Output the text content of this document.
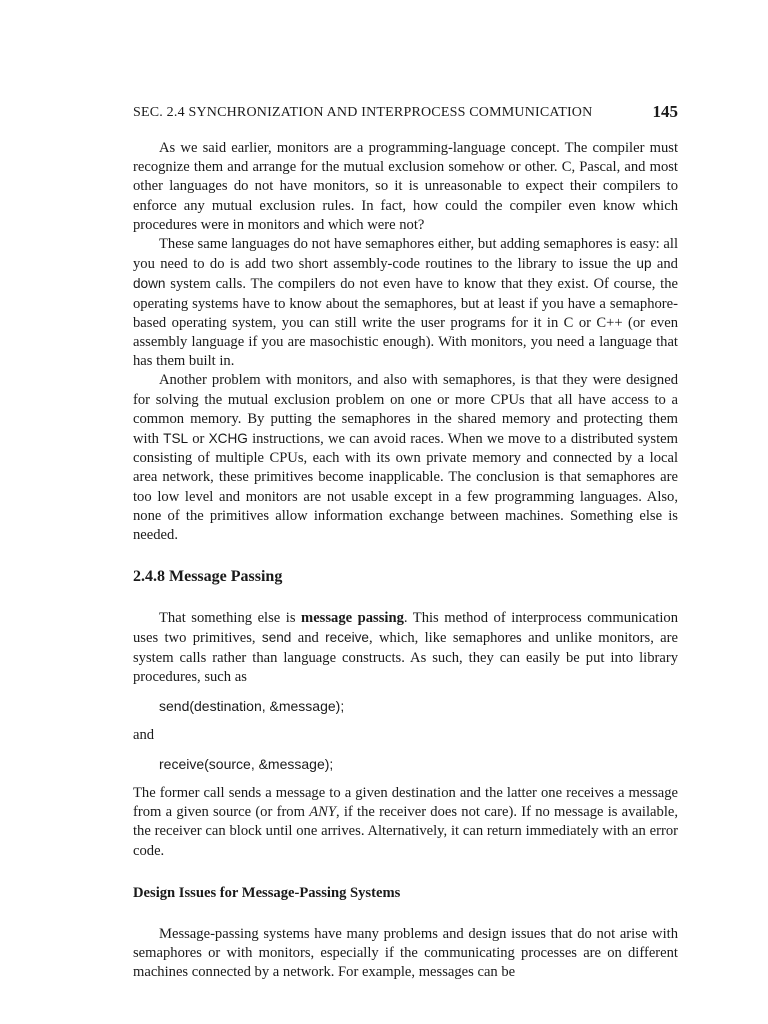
SEC. 2.4 SYNCHRONIZATION AND INTERPROCESS COMMUNICATION	145

As we said earlier, monitors are a programming-language concept. The compiler must recognize them and arrange for the mutual exclusion somehow or other. C, Pascal, and most other languages do not have monitors, so it is unreasonable to expect their compilers to enforce any mutual exclusion rules. In fact, how could the compiler even know which procedures were in monitors and which were not?

These same languages do not have semaphores either, but adding semaphores is easy: all you need to do is add two short assembly-code routines to the library to issue the up and down system calls. The compilers do not even have to know that they exist. Of course, the operating systems have to know about the semaphores, but at least if you have a semaphore-based operating system, you can still write the user programs for it in C or C++ (or even assembly language if you are masochistic enough). With monitors, you need a language that has them built in.

Another problem with monitors, and also with semaphores, is that they were designed for solving the mutual exclusion problem on one or more CPUs that all have access to a common memory. By putting the semaphores in the shared memory and protecting them with TSL or XCHG instructions, we can avoid races. When we move to a distributed system consisting of multiple CPUs, each with its own private memory and connected by a local area network, these primitives become inapplicable. The conclusion is that semaphores are too low level and monitors are not usable except in a few programming languages. Also, none of the primitives allow information exchange between machines. Something else is needed.

2.4.8 Message Passing

That something else is message passing. This method of interprocess communication uses two primitives, send and receive, which, like semaphores and unlike monitors, are system calls rather than language constructs. As such, they can easily be put into library procedures, such as

send(destination, &message);
and
receive(source, &message);

The former call sends a message to a given destination and the latter one receives a message from a given source (or from ANY, if the receiver does not care). If no message is available, the receiver can block until one arrives. Alternatively, it can return immediately with an error code.

Design Issues for Message-Passing Systems

Message-passing systems have many problems and design issues that do not arise with semaphores or with monitors, especially if the communicating processes are on different machines connected by a network. For example, messages can be
